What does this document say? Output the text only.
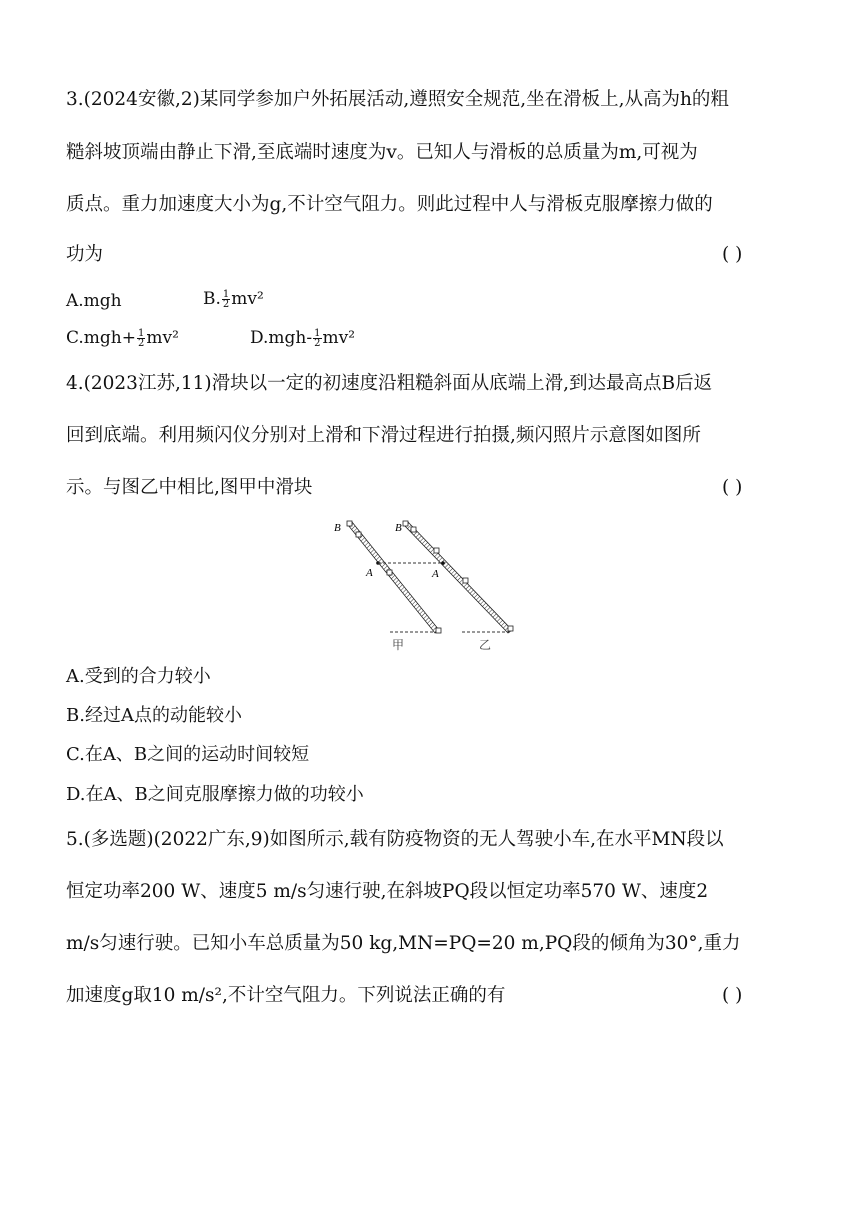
3.(2024安徽,2)某同学参加户外拓展活动,遵照安全规范,坐在滑板上,从高为h的粗
糙斜坡顶端由静止下滑,至底端时速度为v。已知人与滑板的总质量为m,可视为
质点。重力加速度大小为g,不计空气阻力。则此过程中人与滑板克服摩擦力做的
功为	( )
A.mgh	B. $\frac{1}{2} mv^2$
$C.mgh+ \frac{1}{2} mv^2$	$D.mgh- \frac{1}{2} mv^2$
4.(2023江苏,11)滑块以一定的初速度沿粗糙斜面从底端上滑,到达最高点B后返
回到底端。利用频闪仪分别对上滑和下滑过程进行拍摄,频闪照片示意图如图所
示。与图乙中相比,图甲中滑块	( )
B	B
A	A
甲	乙
A.受到的合力较小
B.经过A点的动能较小
C.在A、B之间的运动时间较短
D.在A、B之间克服摩擦力做的功较小
5.(多选题)(2022广东,9)如图所示,载有防疫物资的无人驾驶小车,在水平MN段以
恒定功率200 W、速度5 m/s匀速行驶,在斜坡PQ段以恒定功率570 W、速度2
m/s匀速行驶。已知小车总质量为50 kg,MN=PQ=20 m,PQ段的倾角为30°,重力
加速度g取10 m/s²,不计空气阻力。下列说法正确的有	( )
